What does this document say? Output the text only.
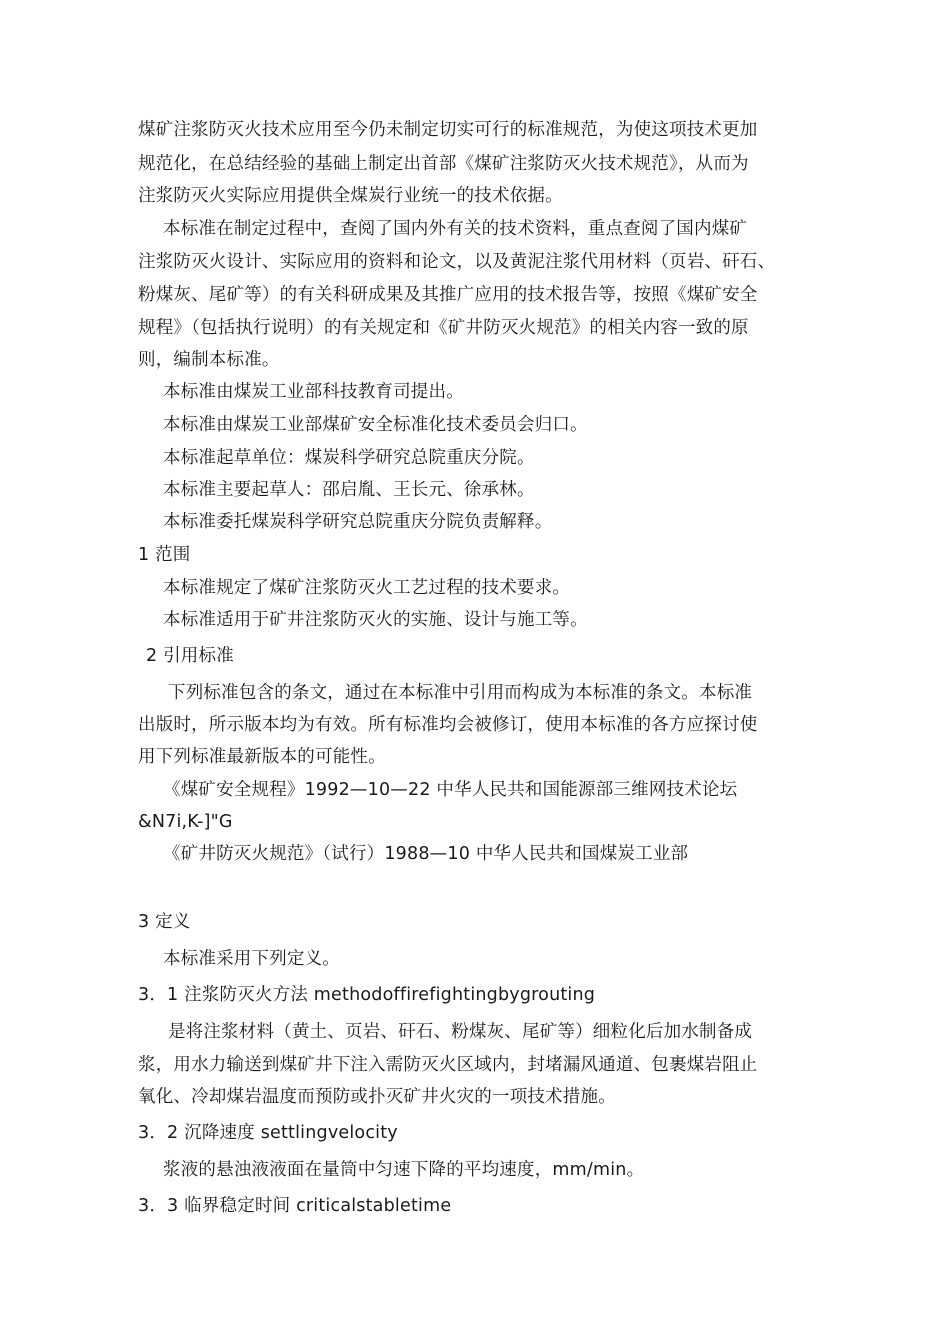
煤矿注浆防灭火技术应用至今仍未制定切实可行的标准规范，为使这项技术更加
规范化，在总结经验的基础上制定出首部《煤矿注浆防灭火技术规范》，从而为
注浆防灭火实际应用提供全煤炭行业统一的技术依据。
本标准在制定过程中，查阅了国内外有关的技术资料，重点查阅了国内煤矿
注浆防灭火设计、实际应用的资料和论文，以及黄泥注浆代用材料（页岩、矸石、
粉煤灰、尾矿等）的有关科研成果及其推广应用的技术报告等，按照《煤矿安全
规程》（包括执行说明）的有关规定和《矿井防灭火规范》的相关内容一致的原
则，编制本标准。
本标准由煤炭工业部科技教育司提出。
本标准由煤炭工业部煤矿安全标准化技术委员会归口。
本标准起草单位：煤炭科学研究总院重庆分院。
本标准主要起草人：邵启胤、王长元、徐承林。
本标准委托煤炭科学研究总院重庆分院负责解释。
1 范围
本标准规定了煤矿注浆防灭火工艺过程的技术要求。
本标准适用于矿井注浆防灭火的实施、设计与施工等。
2 引用标准
下列标准包含的条文，通过在本标准中引用而构成为本标准的条文。本标准
出版时，所示版本均为有效。所有标准均会被修订，使用本标准的各方应探讨使
用下列标准最新版本的可能性。
《煤矿安全规程》1992—10—22 中华人民共和国能源部三维网技术论坛
&N7i,K-]"G
《矿井防灭火规范》（试行）1988—10 中华人民共和国煤炭工业部
3 定义
本标准采用下列定义。
3．1 注浆防灭火方法 methodoffirefightingbygrouting
是将注浆材料（黄土、页岩、矸石、粉煤灰、尾矿等）细粒化后加水制备成
浆，用水力输送到煤矿井下注入需防灭火区域内，封堵漏风通道、包裹煤岩阻止
氧化、冷却煤岩温度而预防或扑灭矿井火灾的一项技术措施。
3．2 沉降速度 settlingvelocity
浆液的悬浊液液面在量筒中匀速下降的平均速度，mm/min。
3．3 临界稳定时间 criticalstabletime
